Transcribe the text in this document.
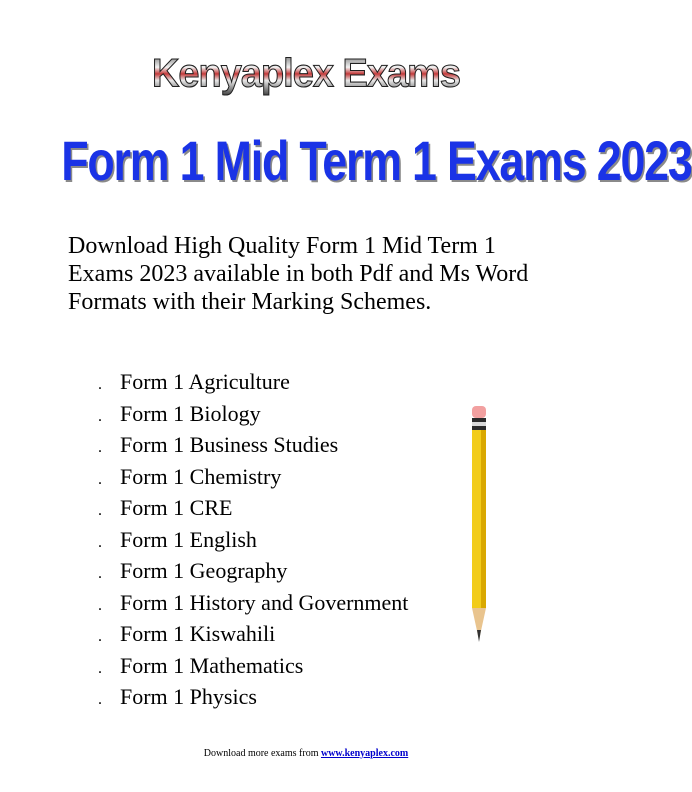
Kenyaplex Exams
Form 1 Mid Term 1 Exams 2023

Download High Quality Form 1 Mid Term 1 Exams 2023 available in both Pdf and Ms Word Formats with their Marking Schemes.

. Form 1 Agriculture
. Form 1 Biology
. Form 1 Business Studies
. Form 1 Chemistry
. Form 1 CRE
. Form 1 English
. Form 1 Geography
. Form 1 History and Government
. Form 1 Kiswahili
. Form 1 Mathematics
. Form 1 Physics
Download more exams from www.kenyaplex.com
